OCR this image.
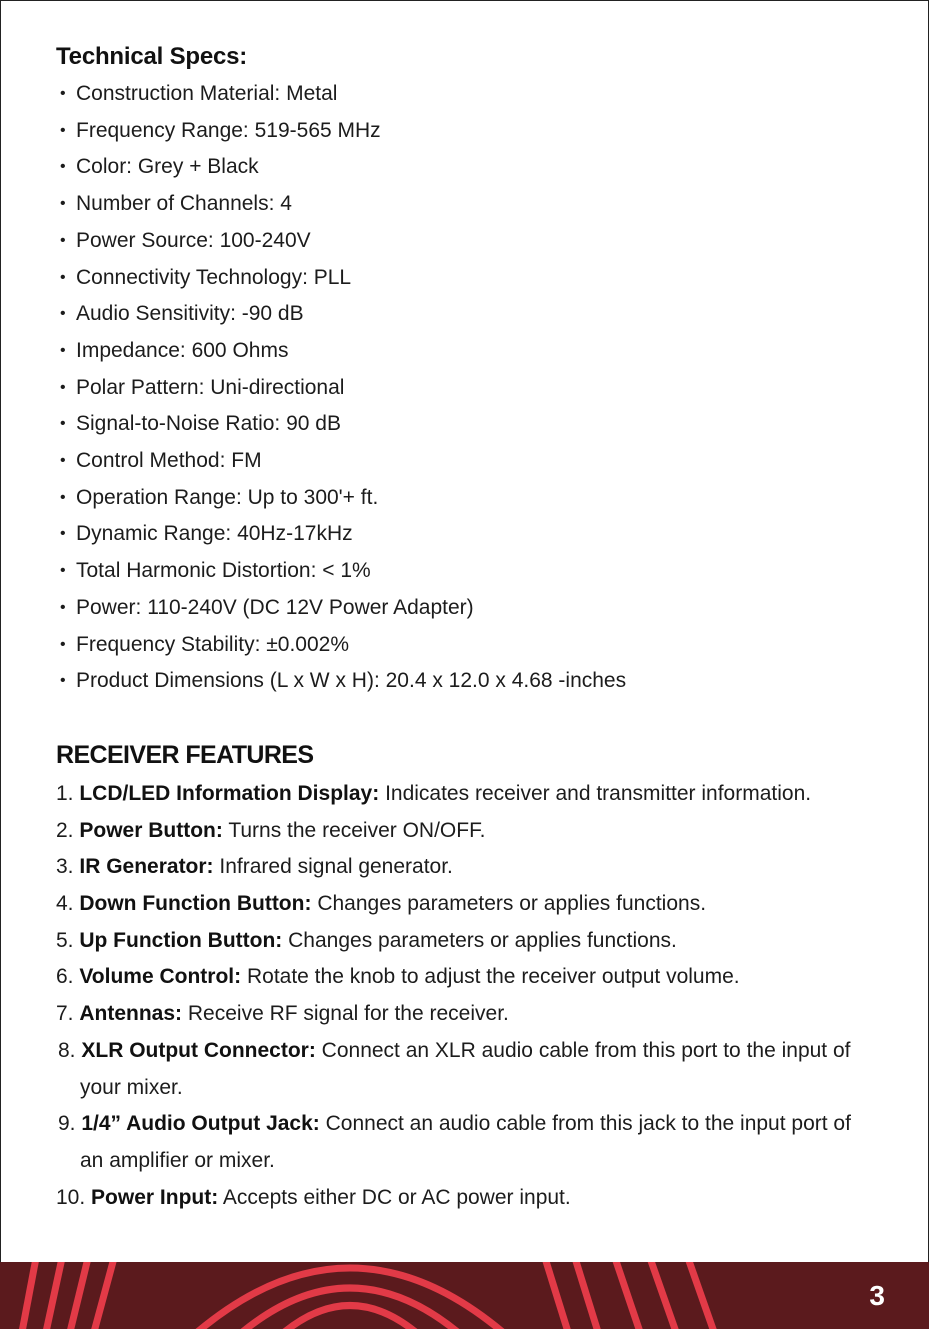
Technical Specs:
• Construction Material: Metal
• Frequency Range: 519-565 MHz
• Color: Grey + Black
• Number of Channels: 4
• Power Source: 100-240V
• Connectivity Technology: PLL
• Audio Sensitivity: -90 dB
• Impedance: 600 Ohms
• Polar Pattern: Uni-directional
• Signal-to-Noise Ratio: 90 dB
• Control Method: FM
• Operation Range: Up to 300'+ ft.
• Dynamic Range: 40Hz-17kHz
• Total Harmonic Distortion: < 1%
• Power: 110-240V (DC 12V Power Adapter)
• Frequency Stability: ±0.002%
• Product Dimensions (L x W x H): 20.4 x 12.0 x 4.68 -inches
RECEIVER FEATURES
1. LCD/LED Information Display: Indicates receiver and transmitter information.
2. Power Button: Turns the receiver ON/OFF.
3. IR Generator: Infrared signal generator.
4. Down Function Button: Changes parameters or applies functions.
5. Up Function Button: Changes parameters or applies functions.
6. Volume Control: Rotate the knob to adjust the receiver output volume.
7. Antennas: Receive RF signal for the receiver.
8. XLR Output Connector: Connect an XLR audio cable from this port to the input of your mixer.
9. 1/4” Audio Output Jack: Connect an audio cable from this jack to the input port of an amplifier or mixer.
10. Power Input: Accepts either DC or AC power input.
3
